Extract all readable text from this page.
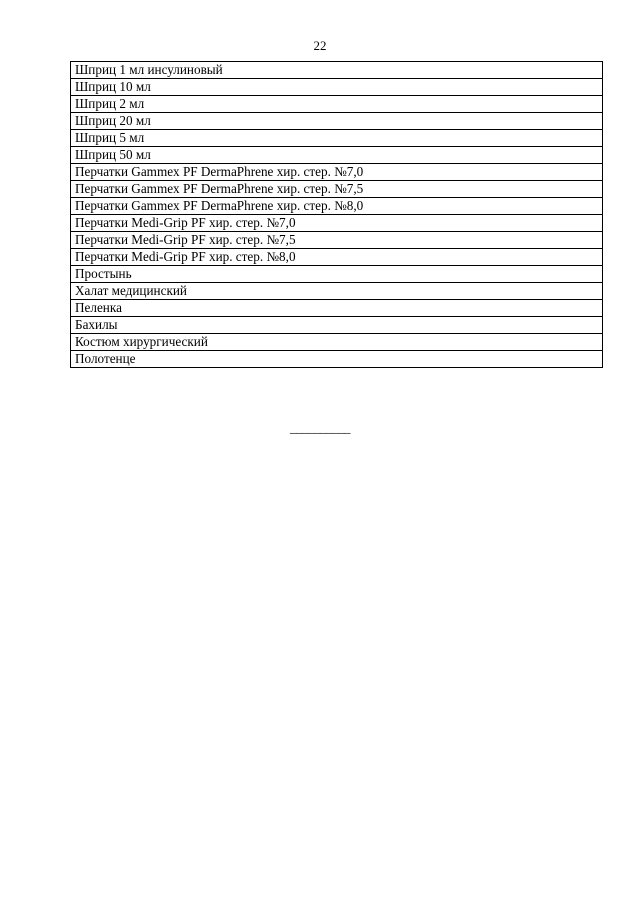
22
Шприц 1 мл инсулиновый
Шприц 10 мл
Шприц 2 мл
Шприц 20 мл
Шприц 5 мл
Шприц 50 мл
Перчатки Gammex PF DermaPhrene хир. стер. №7,0
Перчатки Gammex PF DermaPhrene хир. стер. №7,5
Перчатки Gammex PF DermaPhrene хир. стер. №8,0
Перчатки Medi-Grip PF хир. стер. №7,0
Перчатки Medi-Grip PF хир. стер. №7,5
Перчатки Medi-Grip PF хир. стер. №8,0
Простынь
Халат медицинский
Пеленка
Бахилы
Костюм хирургический
Полотенце
__________
